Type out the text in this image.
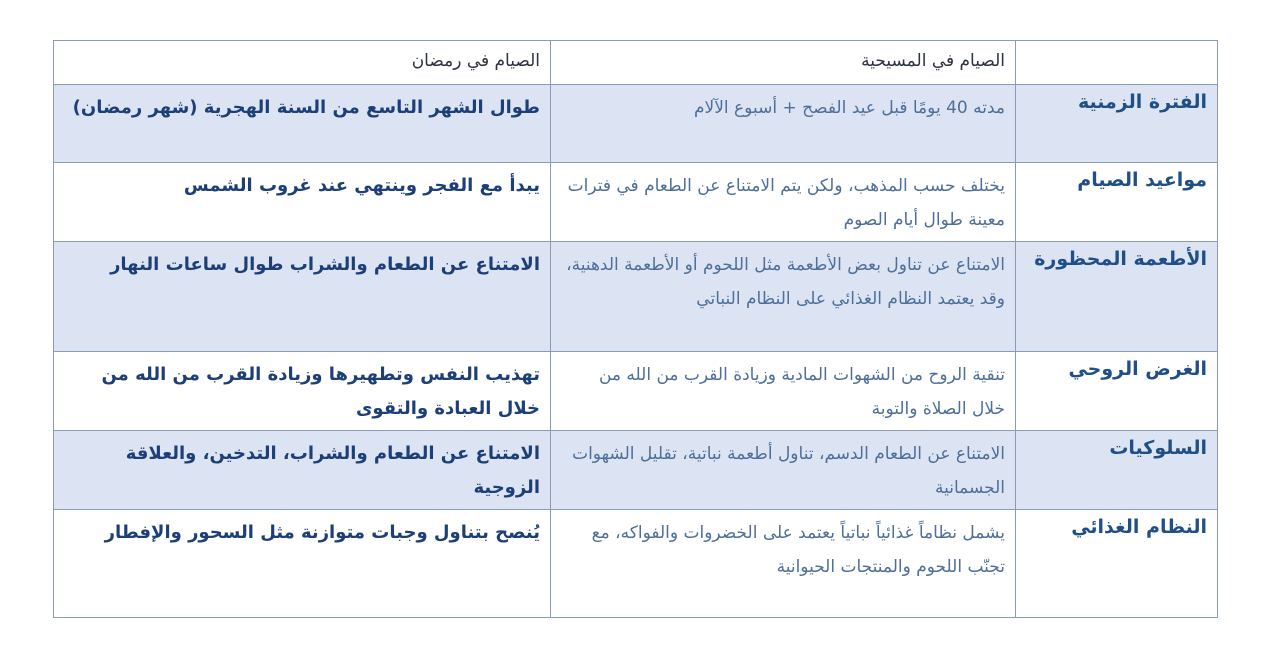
	الصيام في المسيحية	الصيام في رمضان
الفترة الزمنية	مدته 40 يومًا قبل عيد الفصح + أسبوع الآلام	طوال الشهر التاسع من السنة الهجرية (شهر رمضان)
مواعيد الصيام	يختلف حسب المذهب، ولكن يتم الامتناع عن الطعام في فترات معينة طوال أيام الصوم	يبدأ مع الفجر وينتهي عند غروب الشمس
الأطعمة المحظورة	الامتناع عن تناول بعض الأطعمة مثل اللحوم أو الأطعمة الدهنية، وقد يعتمد النظام الغذائي على النظام النباتي	الامتناع عن الطعام والشراب طوال ساعات النهار
الغرض الروحي	تنقية الروح من الشهوات المادية وزيادة القرب من الله من خلال الصلاة والتوبة	تهذيب النفس وتطهيرها وزيادة القرب من الله من خلال العبادة والتقوى
السلوكيات	الامتناع عن الطعام الدسم، تناول أطعمة نباتية، تقليل الشهوات الجسمانية	الامتناع عن الطعام والشراب، التدخين، والعلاقة الزوجية
النظام الغذائي	يشمل نظاماً غذائياً نباتياً يعتمد على الخضروات والفواكه، مع تجنّب اللحوم والمنتجات الحيوانية	يُنصح بتناول وجبات متوازنة مثل السحور والإفطار
